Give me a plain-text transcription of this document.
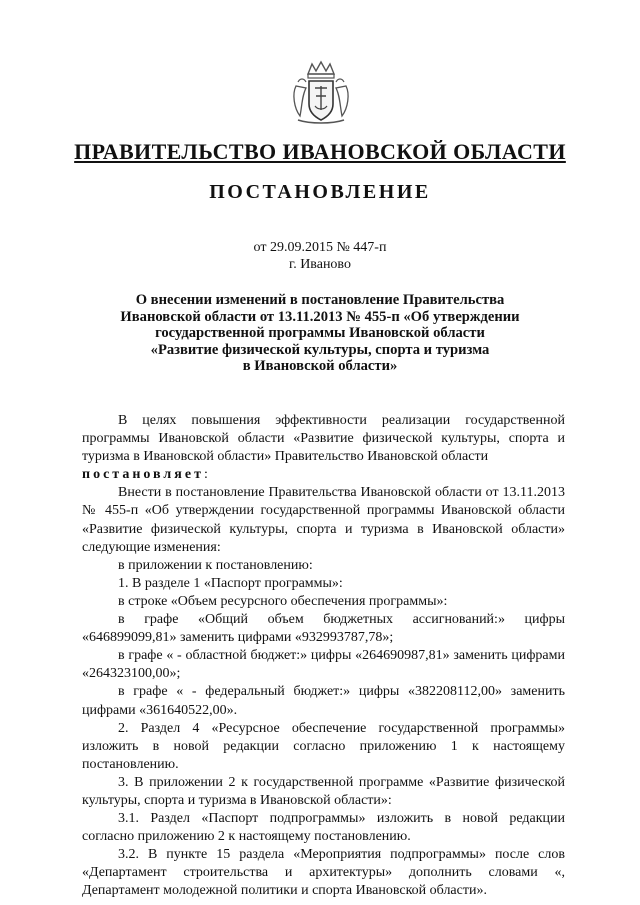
ПРАВИТЕЛЬСТВО ИВАНОВСКОЙ ОБЛАСТИ
ПОСТАНОВЛЕНИЕ
от 29.09.2015 № 447-п
г. Иваново
О внесении изменений в постановление Правительства
Ивановской области от 13.11.2013 № 455-п «Об утверждении
государственной программы Ивановской области
«Развитие физической культуры, спорта и туризма
в Ивановской области»

В целях повышения эффективности реализации государственной программы Ивановской области «Развитие физической культуры, спорта и туризма в Ивановской области» Правительство Ивановской области
постановляет:

Внести в постановление Правительства Ивановской области от 13.11.2013 № 455-п «Об утверждении государственной программы Ивановской области «Развитие физической культуры, спорта и туризма в Ивановской области» следующие изменения:

в приложении к постановлению:

1. В разделе 1 «Паспорт программы»:

в строке «Объем ресурсного обеспечения программы»:

в графе «Общий объем бюджетных ассигнований:» цифры «646899099,81» заменить цифрами «932993787,78»;

в графе « - областной бюджет:» цифры «264690987,81» заменить цифрами «264323100,00»;

в графе « - федеральный бюджет:» цифры «382208112,00» заменить цифрами «361640522,00».

2. Раздел 4 «Ресурсное обеспечение государственной программы» изложить в новой редакции согласно приложению 1 к настоящему постановлению.

3. В приложении 2 к государственной программе «Развитие физической культуры, спорта и туризма в Ивановской области»:

3.1. Раздел «Паспорт подпрограммы» изложить в новой редакции согласно приложению 2 к настоящему постановлению.

3.2. В пункте 15 раздела «Мероприятия подпрограммы» после слов «Департамент строительства и архитектуры» дополнить словами «, Департамент молодежной политики и спорта Ивановской области».
